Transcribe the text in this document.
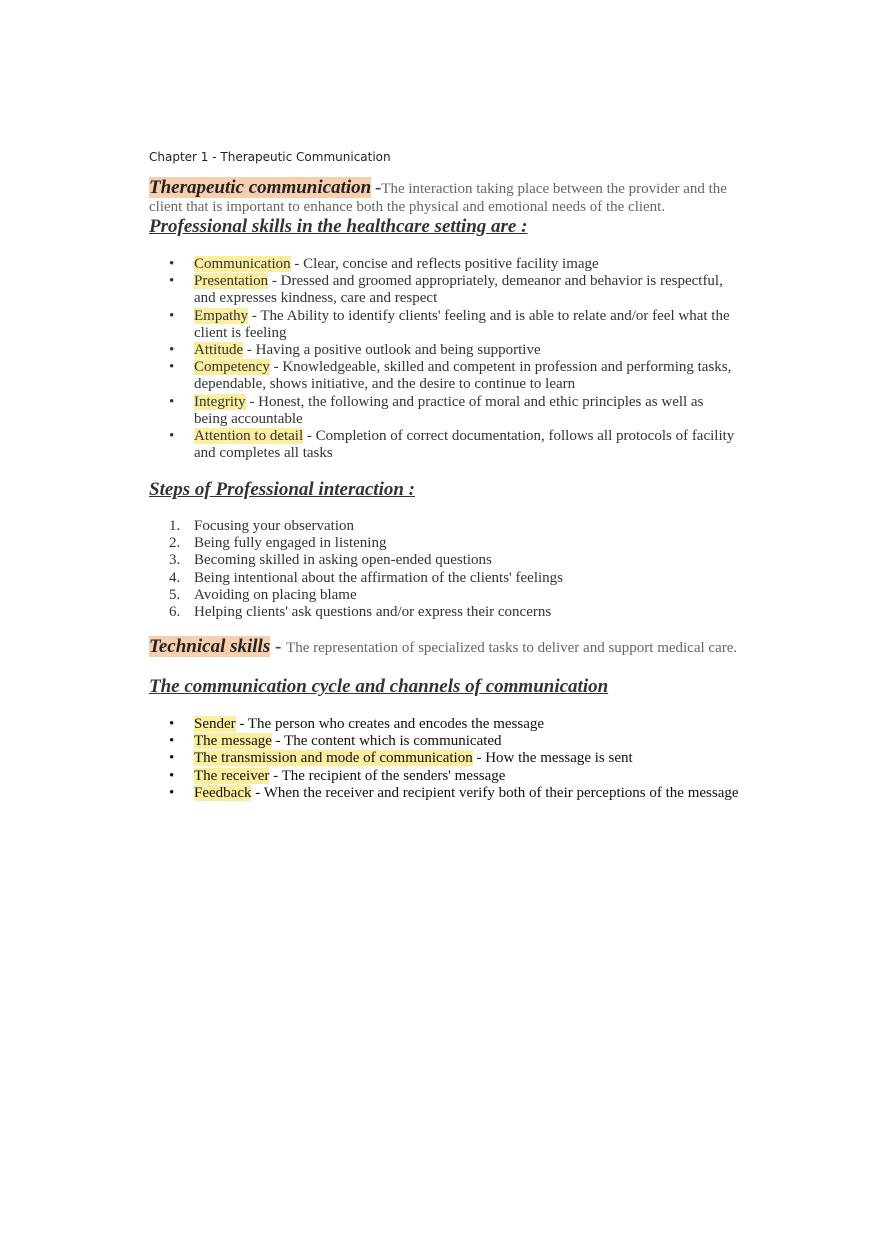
Chapter 1 - Therapeutic Communication
Therapeutic communication -The interaction taking place between the provider and the client that is important to enhance both the physical and emotional needs of the client.
Professional skills in the healthcare setting are :
• Communication - Clear, concise and reflects positive facility image
• Presentation - Dressed and groomed appropriately, demeanor and behavior is respectful, and expresses kindness, care and respect
• Empathy - The Ability to identify clients' feeling and is able to relate and/or feel what the client is feeling
• Attitude - Having a positive outlook and being supportive
• Competency - Knowledgeable, skilled and competent in profession and performing tasks, dependable, shows initiative, and the desire to continue to learn
• Integrity - Honest, the following and practice of moral and ethic principles as well as being accountable
• Attention to detail - Completion of correct documentation, follows all protocols of facility and completes all tasks
Steps of Professional interaction :
1. Focusing your observation
2. Being fully engaged in listening
3. Becoming skilled in asking open-ended questions
4. Being intentional about the affirmation of the clients' feelings
5. Avoiding on placing blame
6. Helping clients' ask questions and/or express their concerns
Technical skills - The representation of specialized tasks to deliver and support medical care.
The communication cycle and channels of communication
• Sender - The person who creates and encodes the message
• The message - The content which is communicated
• The transmission and mode of communication - How the message is sent
• The receiver - The recipient of the senders' message
• Feedback - When the receiver and recipient verify both of their perceptions of the message
